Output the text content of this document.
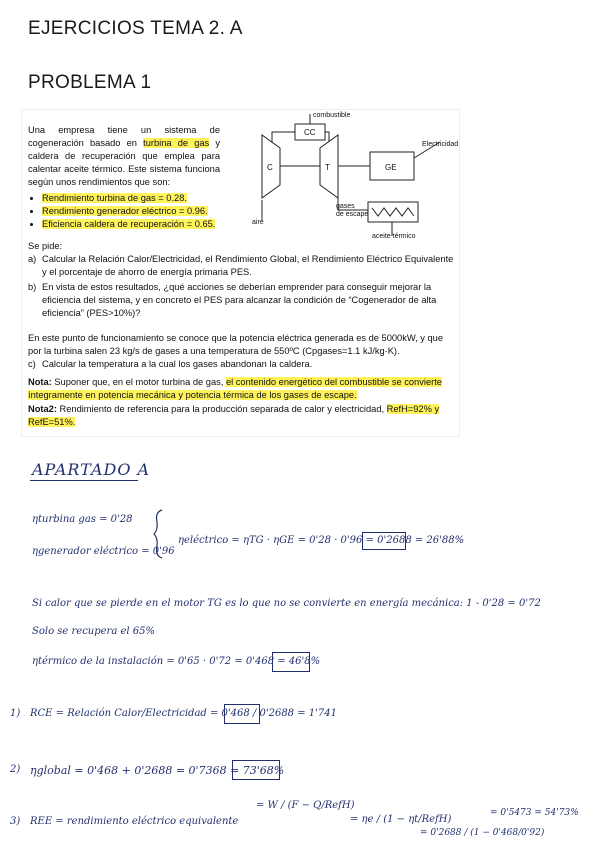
EJERCICIOS TEMA 2. A
PROBLEMA 1
Una empresa tiene un sistema de cogeneración basado en turbina de gas y caldera de recuperación que emplea para calentar aceite térmico. Este sistema funciona según unos rendimientos que son:
• Rendimiento turbina de gas = 0.28.
• Rendimiento generador eléctrico = 0.96.
• Eficiencia caldera de recuperación = 0.65.
Se pide:
a) Calcular la Relación Calor/Electricidad, el Rendimiento Global, el Rendimiento Eléctrico Equivalente y el porcentaje de ahorro de energía primaria PES.
b) En vista de estos resultados, ¿qué acciones se deberían emprender para conseguir mejorar la eficiencia del sistema, y en concreto el PES para alcanzar la condición de “Cogenerador de alta eficiencia” (PES>10%)?
En este punto de funcionamiento se conoce que la potencia eléctrica generada es de 5000kW, y que por la turbina salen 23 kg/s de gases a una temperatura de 550ºC (Cpgases=1.1 kJ/kg·K).
c) Calcular la temperatura a la cual los gases abandonan la caldera.
Nota: Suponer que, en el motor turbina de gas, el contenido energético del combustible se convierte íntegramente en potencia mecánica y potencia térmica de los gases de escape.
Nota2: Rendimiento de referencia para la producción separada de calor y electricidad, RefH=92% y RefE=51%.
combustible
CC
C	T	GE
Electricidad
aire
gases
de escape
aceite térmico
APARTADO A
ηturbina gas = 0'28
ηgenerador eléctrico = 0'96
ηeléctrico = ηTG · ηGE = 0'28 · 0'96 = 0'2688 = 26'88%
Si calor que se pierde en el motor TG es lo que no se convierte en energía mecánica: 1 - 0'28 = 0'72
Solo se recupera el 65%
ηtérmico de la instalación = 0'65 · 0'72 = 0'468 = 46'8%
1) RCE = Relación Calor/Electricidad = 0'468 / 0'2688 = 1'741
2) ηglobal = 0'468 + 0'2688 = 0'7368 = 73'68%
3) REE = rendimiento eléctrico equivalente
= W / (F − Q/RefH)
= ηe / (1 − ηt/RefH)
= 0'2688 / (1 − 0'468/0'92)
= 0'5473 = 54'73%
